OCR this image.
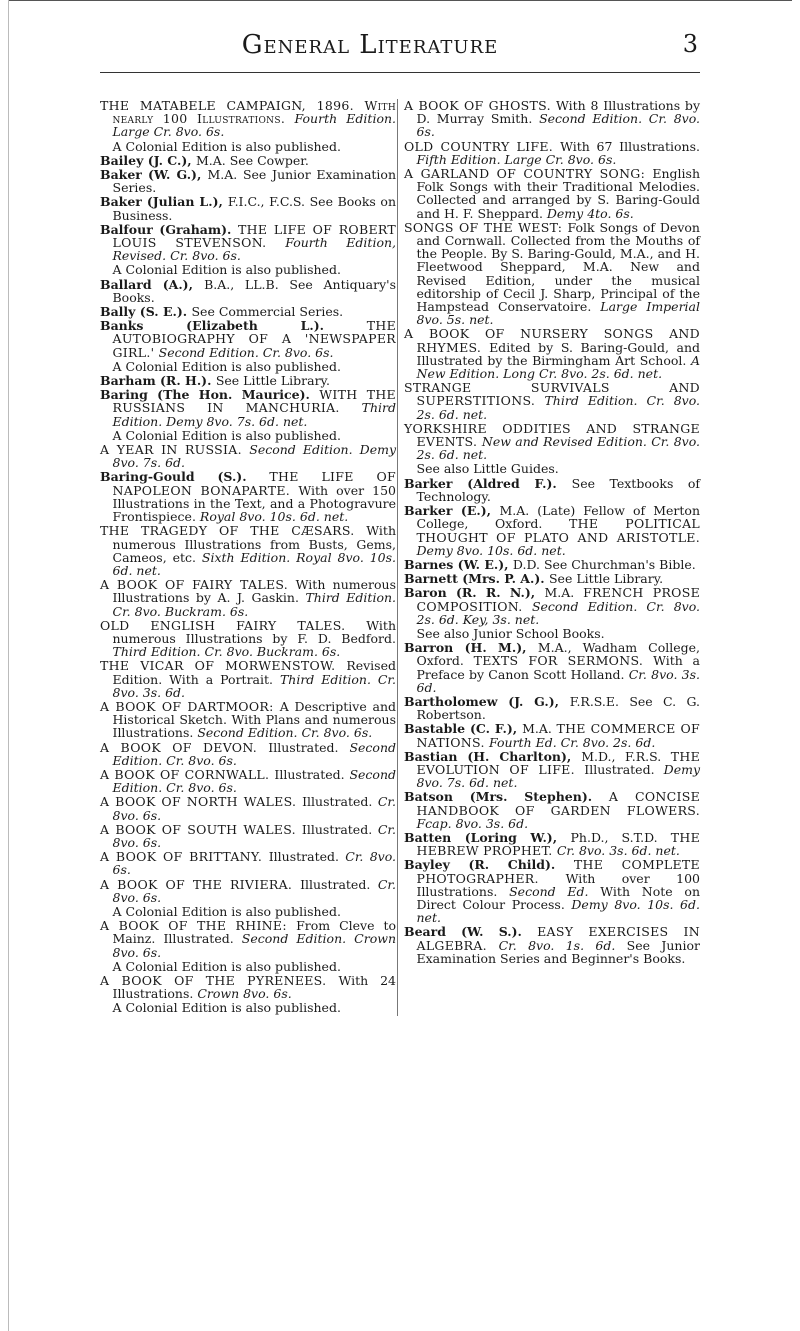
General Literature	3

THE MATABELE CAMPAIGN, 1896. With nearly 100 Illustrations. Fourth Edition. Large Cr. 8vo. 6s.

A Colonial Edition is also published.

Bailey (J. C.), M.A. See Cowper.

Baker (W. G.), M.A. See Junior Examination Series.

Baker (Julian L.), F.I.C., F.C.S. See Books on Business.

Balfour (Graham). THE LIFE OF ROBERT LOUIS STEVENSON. Fourth Edition, Revised. Cr. 8vo. 6s.

A Colonial Edition is also published.

Ballard (A.), B.A., LL.B. See Antiquary's Books.

Bally (S. E.). See Commercial Series.

Banks (Elizabeth L.). THE AUTOBIOGRAPHY OF A 'NEWSPAPER GIRL.' Second Edition. Cr. 8vo. 6s.

A Colonial Edition is also published.

Barham (R. H.). See Little Library.

Baring (The Hon. Maurice). WITH THE RUSSIANS IN MANCHURIA. Third Edition. Demy 8vo. 7s. 6d. net.

A Colonial Edition is also published.

A YEAR IN RUSSIA. Second Edition. Demy 8vo. 7s. 6d.

Baring-Gould (S.). THE LIFE OF NAPOLEON BONAPARTE. With over 150 Illustrations in the Text, and a Photogravure Frontispiece. Royal 8vo. 10s. 6d. net.

THE TRAGEDY OF THE CÆSARS. With numerous Illustrations from Busts, Gems, Cameos, etc. Sixth Edition. Royal 8vo. 10s. 6d. net.

A BOOK OF FAIRY TALES. With numerous Illustrations by A. J. Gaskin. Third Edition. Cr. 8vo. Buckram. 6s.

OLD ENGLISH FAIRY TALES. With numerous Illustrations by F. D. Bedford. Third Edition. Cr. 8vo. Buckram. 6s.

THE VICAR OF MORWENSTOW. Revised Edition. With a Portrait. Third Edition. Cr. 8vo. 3s. 6d.

A BOOK OF DARTMOOR: A Descriptive and Historical Sketch. With Plans and numerous Illustrations. Second Edition. Cr. 8vo. 6s.

A BOOK OF DEVON. Illustrated. Second Edition. Cr. 8vo. 6s.

A BOOK OF CORNWALL. Illustrated. Second Edition. Cr. 8vo. 6s.

A BOOK OF NORTH WALES. Illustrated. Cr. 8vo. 6s.

A BOOK OF SOUTH WALES. Illustrated. Cr. 8vo. 6s.

A BOOK OF BRITTANY. Illustrated. Cr. 8vo. 6s.

A BOOK OF THE RIVIERA. Illustrated. Cr. 8vo. 6s.

A Colonial Edition is also published.

A BOOK OF THE RHINE: From Cleve to Mainz. Illustrated. Second Edition. Crown 8vo. 6s.

A Colonial Edition is also published.

A BOOK OF THE PYRENEES. With 24 Illustrations. Crown 8vo. 6s.

A Colonial Edition is also published.

A BOOK OF GHOSTS. With 8 Illustrations by D. Murray Smith. Second Edition. Cr. 8vo. 6s.

OLD COUNTRY LIFE. With 67 Illustrations. Fifth Edition. Large Cr. 8vo. 6s.

A GARLAND OF COUNTRY SONG: English Folk Songs with their Traditional Melodies. Collected and arranged by S. Baring-Gould and H. F. Sheppard. Demy 4to. 6s.

SONGS OF THE WEST: Folk Songs of Devon and Cornwall. Collected from the Mouths of the People. By S. Baring-Gould, M.A., and H. Fleetwood Sheppard, M.A. New and Revised Edition, under the musical editorship of Cecil J. Sharp, Principal of the Hampstead Conservatoire. Large Imperial 8vo. 5s. net.

A BOOK OF NURSERY SONGS AND RHYMES. Edited by S. Baring-Gould, and Illustrated by the Birmingham Art School. A New Edition. Long Cr. 8vo. 2s. 6d. net.

STRANGE SURVIVALS AND SUPERSTITIONS. Third Edition. Cr. 8vo. 2s. 6d. net.

YORKSHIRE ODDITIES AND STRANGE EVENTS. New and Revised Edition. Cr. 8vo. 2s. 6d. net.

See also Little Guides.

Barker (Aldred F.). See Textbooks of Technology.

Barker (E.), M.A. (Late) Fellow of Merton College, Oxford. THE POLITICAL THOUGHT OF PLATO AND ARISTOTLE. Demy 8vo. 10s. 6d. net.

Barnes (W. E.), D.D. See Churchman's Bible.

Barnett (Mrs. P. A.). See Little Library.

Baron (R. R. N.), M.A. FRENCH PROSE COMPOSITION. Second Edition. Cr. 8vo. 2s. 6d. Key, 3s. net.

See also Junior School Books.

Barron (H. M.), M.A., Wadham College, Oxford. TEXTS FOR SERMONS. With a Preface by Canon Scott Holland. Cr. 8vo. 3s. 6d.

Bartholomew (J. G.), F.R.S.E. See C. G. Robertson.

Bastable (C. F.), M.A. THE COMMERCE OF NATIONS. Fourth Ed. Cr. 8vo. 2s. 6d.

Bastian (H. Charlton), M.D., F.R.S. THE EVOLUTION OF LIFE. Illustrated. Demy 8vo. 7s. 6d. net.

Batson (Mrs. Stephen). A CONCISE HANDBOOK OF GARDEN FLOWERS. Fcap. 8vo. 3s. 6d.

Batten (Loring W.), Ph.D., S.T.D. THE HEBREW PROPHET. Cr. 8vo. 3s. 6d. net.

Bayley (R. Child). THE COMPLETE PHOTOGRAPHER. With over 100 Illustrations. Second Ed. With Note on Direct Colour Process. Demy 8vo. 10s. 6d. net.

Beard (W. S.). EASY EXERCISES IN ALGEBRA. Cr. 8vo. 1s. 6d. See Junior Examination Series and Beginner's Books.
